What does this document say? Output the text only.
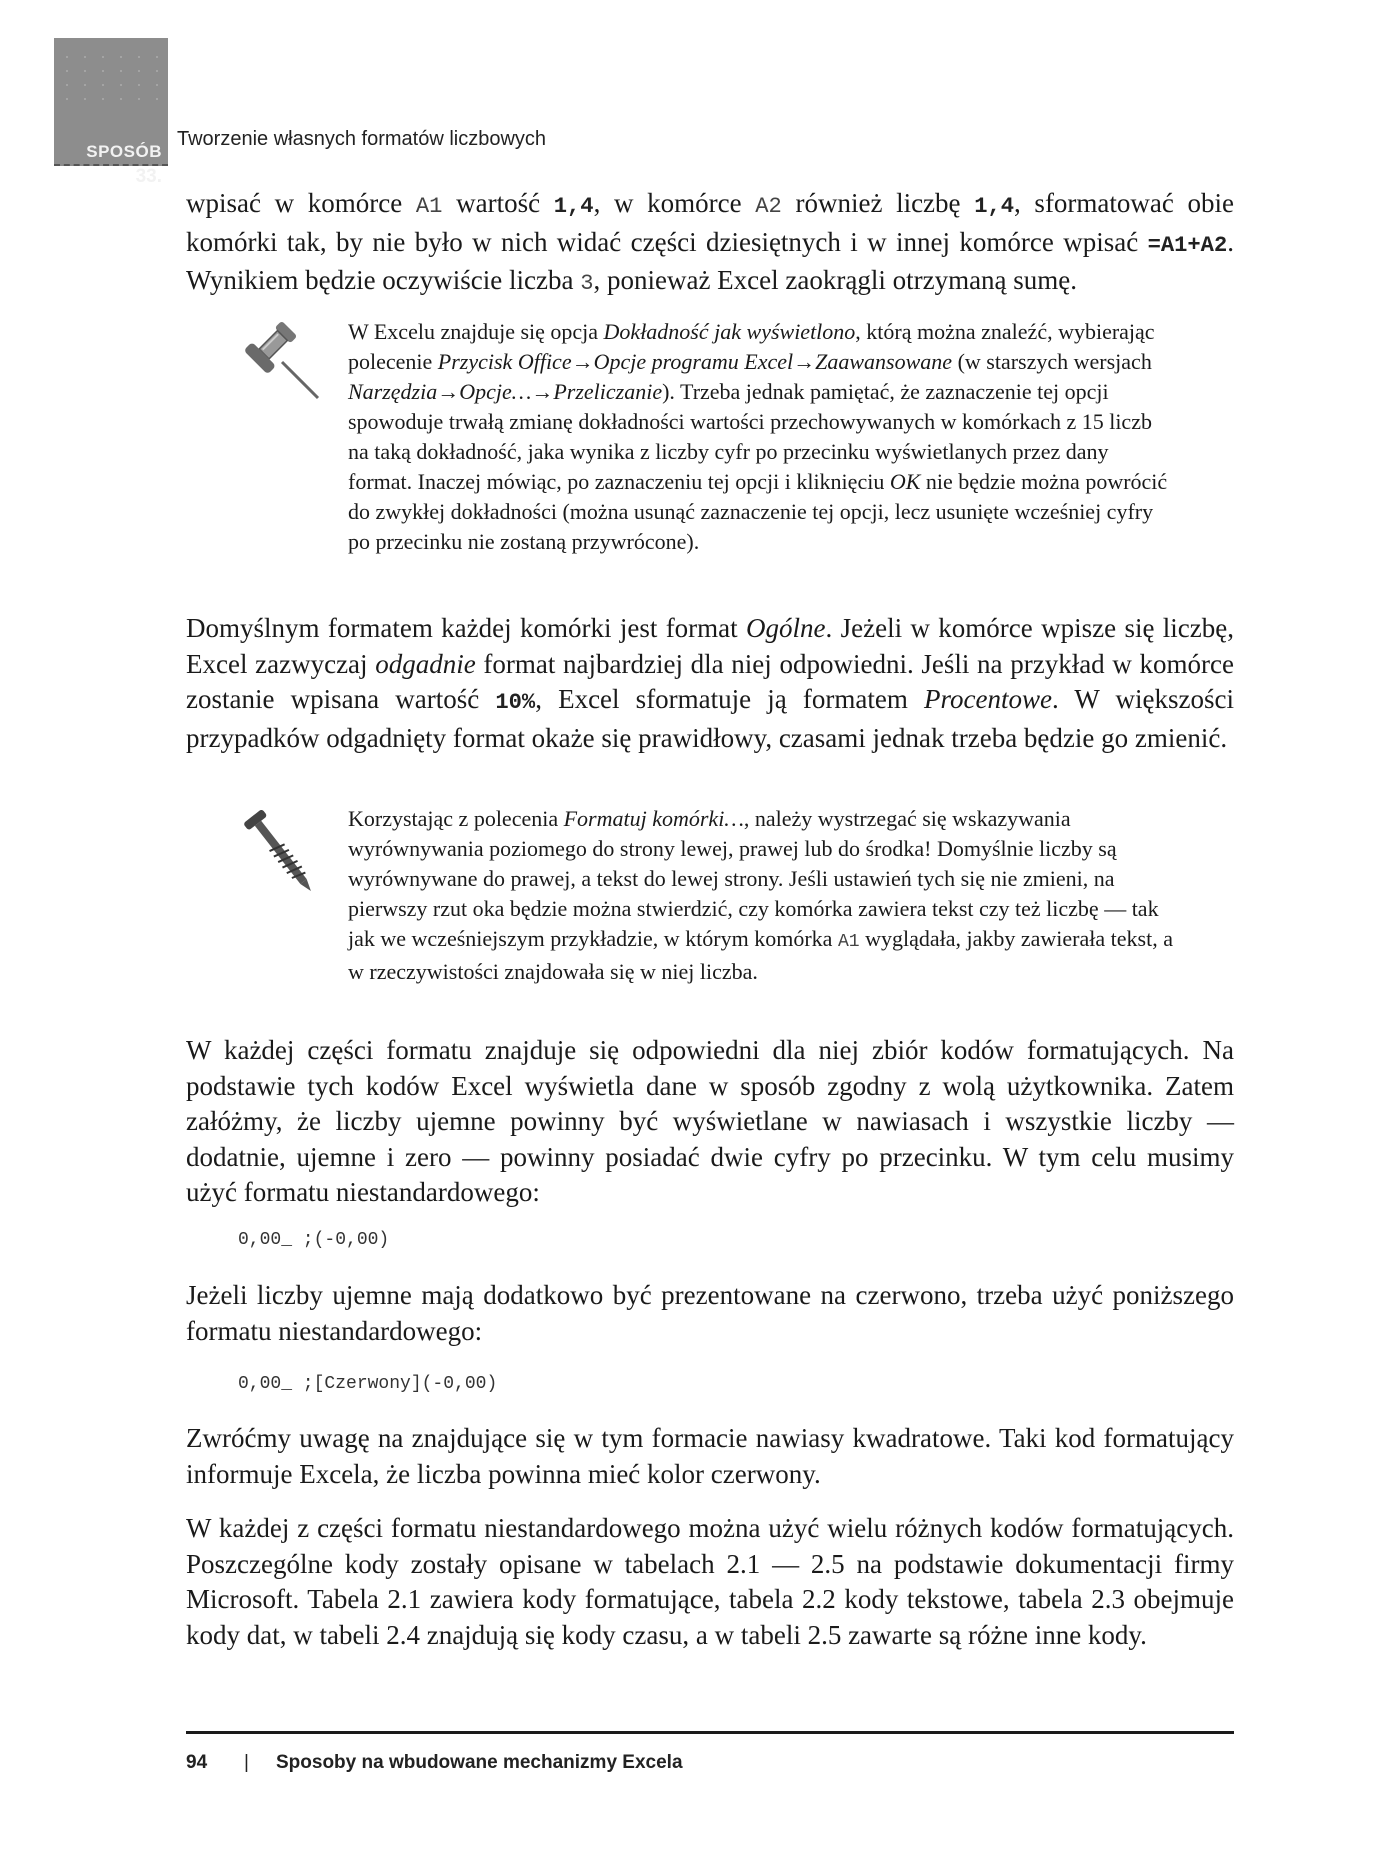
SPOSÓB
33.
Tworzenie własnych formatów liczbowych

wpisać w komórce A1 wartość 1,4, w komórce A2 również liczbę 1,4, sformatować obie komórki tak, by nie było w nich widać części dziesiętnych i w innej komórce wpisać =A1+A2. Wynikiem będzie oczywiście liczba 3, ponieważ Excel zaokrągli otrzymaną sumę.

W Excelu znajduje się opcja Dokładność jak wyświetlono, którą można znaleźć, wybierając polecenie Przycisk Office→Opcje programu Excel→Zaawansowane (w starszych wersjach Narzędzia→Opcje…→Przeliczanie). Trzeba jednak pamiętać, że zaznaczenie tej opcji spowoduje trwałą zmianę dokładności wartości przechowywanych w komórkach z 15 liczb na taką dokładność, jaka wynika z liczby cyfr po przecinku wyświetlanych przez dany format. Inaczej mówiąc, po zaznaczeniu tej opcji i kliknięciu OK nie będzie można powrócić do zwykłej dokładności (można usunąć zaznaczenie tej opcji, lecz usunięte wcześniej cyfry po przecinku nie zostaną przywrócone).

Domyślnym formatem każdej komórki jest format Ogólne. Jeżeli w komórce wpisze się liczbę, Excel zazwyczaj odgadnie format najbardziej dla niej odpowiedni. Jeśli na przykład w komórce zostanie wpisana wartość 10%, Excel sformatuje ją formatem Procentowe. W większości przypadków odgadnięty format okaże się prawidłowy, czasami jednak trzeba będzie go zmienić.

Korzystając z polecenia Formatuj komórki…, należy wystrzegać się wskazywania wyrównywania poziomego do strony lewej, prawej lub do środka! Domyślnie liczby są wyrównywane do prawej, a tekst do lewej strony. Jeśli ustawień tych się nie zmieni, na pierwszy rzut oka będzie można stwierdzić, czy komórka zawiera tekst czy też liczbę — tak jak we wcześniejszym przykładzie, w którym komórka A1 wyglądała, jakby zawierała tekst, a w rzeczywistości znajdowała się w niej liczba.

W każdej części formatu znajduje się odpowiedni dla niej zbiór kodów formatujących. Na podstawie tych kodów Excel wyświetla dane w sposób zgodny z wolą użytkownika. Zatem załóżmy, że liczby ujemne powinny być wyświetlane w nawiasach i wszystkie liczby — dodatnie, ujemne i zero — powinny posiadać dwie cyfry po przecinku. W tym celu musimy użyć formatu niestandardowego:

0,00_ ;(-0,00)

Jeżeli liczby ujemne mają dodatkowo być prezentowane na czerwono, trzeba użyć poniższego formatu niestandardowego:

0,00_ ;[Czerwony](-0,00)

Zwróćmy uwagę na znajdujące się w tym formacie nawiasy kwadratowe. Taki kod formatujący informuje Excela, że liczba powinna mieć kolor czerwony.

W każdej z części formatu niestandardowego można użyć wielu różnych kodów formatujących. Poszczególne kody zostały opisane w tabelach 2.1 — 2.5 na podstawie dokumentacji firmy Microsoft. Tabela 2.1 zawiera kody formatujące, tabela 2.2 kody tekstowe, tabela 2.3 obejmuje kody dat, w tabeli 2.4 znajdują się kody czasu, a w tabeli 2.5 zawarte są różne inne kody.

94 | Sposoby na wbudowane mechanizmy Excela
